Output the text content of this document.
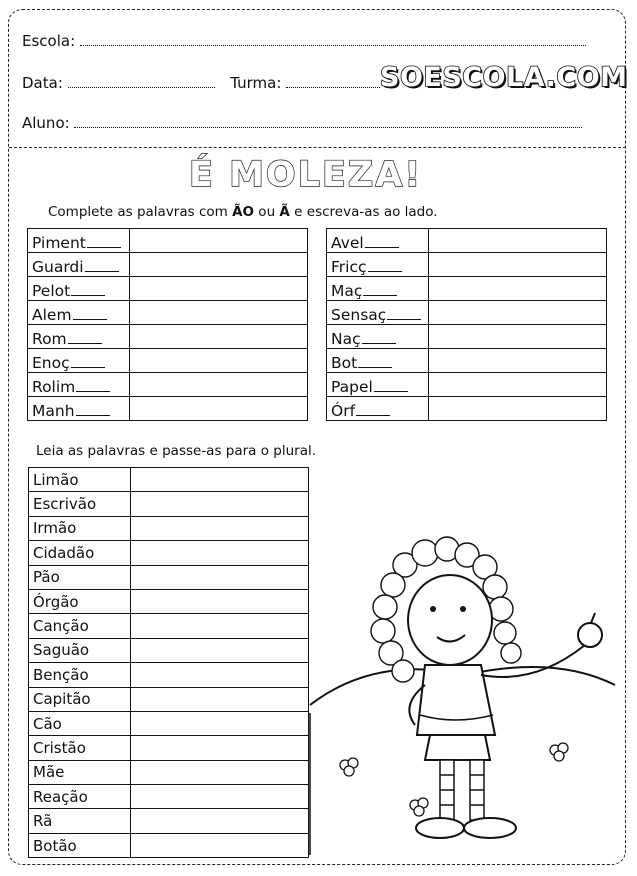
Escola:
Data:	Turma:	SOESCOLA.COM
Aluno:
É MOLEZA!
Complete as palavras com ÃO ou Ã e escreva-as ao lado.
Piment	
Guardi	
Pelot	
Alem	
Rom	
Enoç	
Rolim	
Manh	
Avel	
Fricç	
Maç	
Sensaç	
Naç	
Bot	
Papel	
Órf	
Leia as palavras e passe-as para o plural.
Limão	
Escrivão	
Irmão	
Cidadão	
Pão	
Órgão	
Canção	
Saguão	
Benção	
Capitão	
Cão	
Cristão	
Mãe	
Reação	
Rã	
Botão	
